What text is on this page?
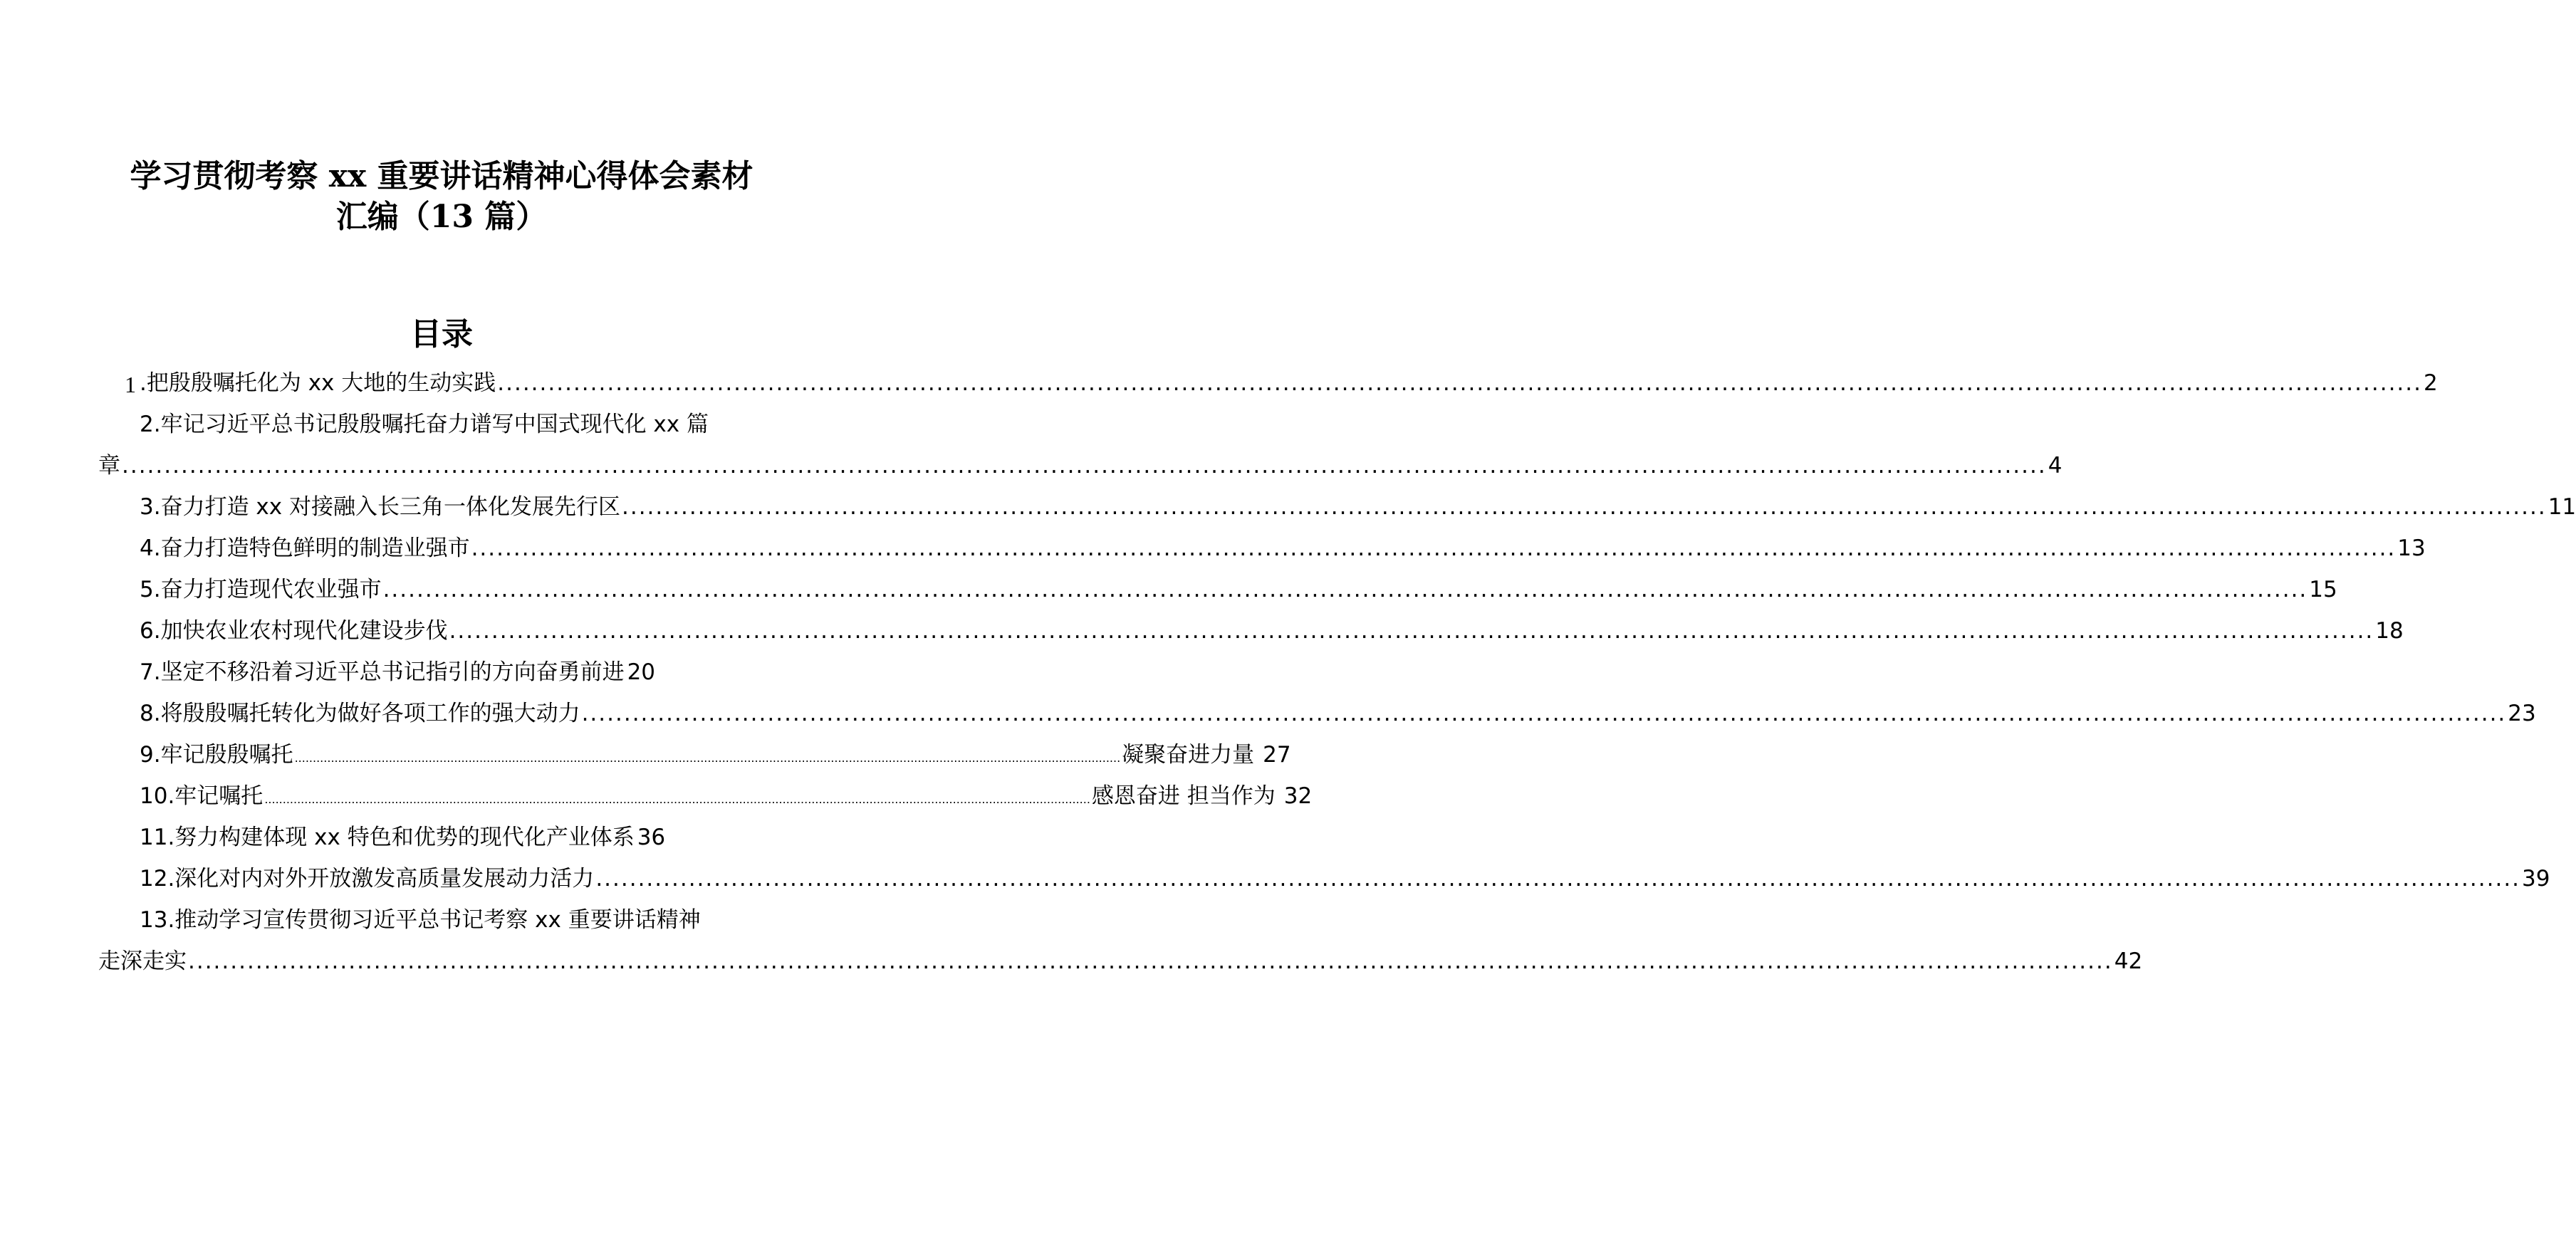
学习贯彻考察 xx 重要讲话精神心得体会素材
汇编（13 篇）
目录
1 .把殷殷嘱托化为 xx 大地的生动实践 .....	2
2.牢记习近平总书记殷殷嘱托奋力谱写中国式现代化 xx 篇
章 .....	4
3.奋力打造 xx 对接融入长三角一体化发展先行区 .....	11
4.奋力打造特色鲜明的制造业强市 .....	13
5.奋力打造现代农业强市 .....	15
6.加快农业农村现代化建设步伐 .....	18
7.坚定不移沿着习近平总书记指引的方向奋勇前进 20
8.将殷殷嘱托转化为做好各项工作的强大动力 .....	23
9.牢记殷殷嘱托 .....	凝聚奋进力量 27
10.牢记嘱托 .....	感恩奋进 担当作为 32
11.努力构建体现 xx 特色和优势的现代化产业体系 36
12.深化对内对外开放激发高质量发展动力活力 .....	39
13.推动学习宣传贯彻习近平总书记考察 xx 重要讲话精神
走深走实 .....	42
